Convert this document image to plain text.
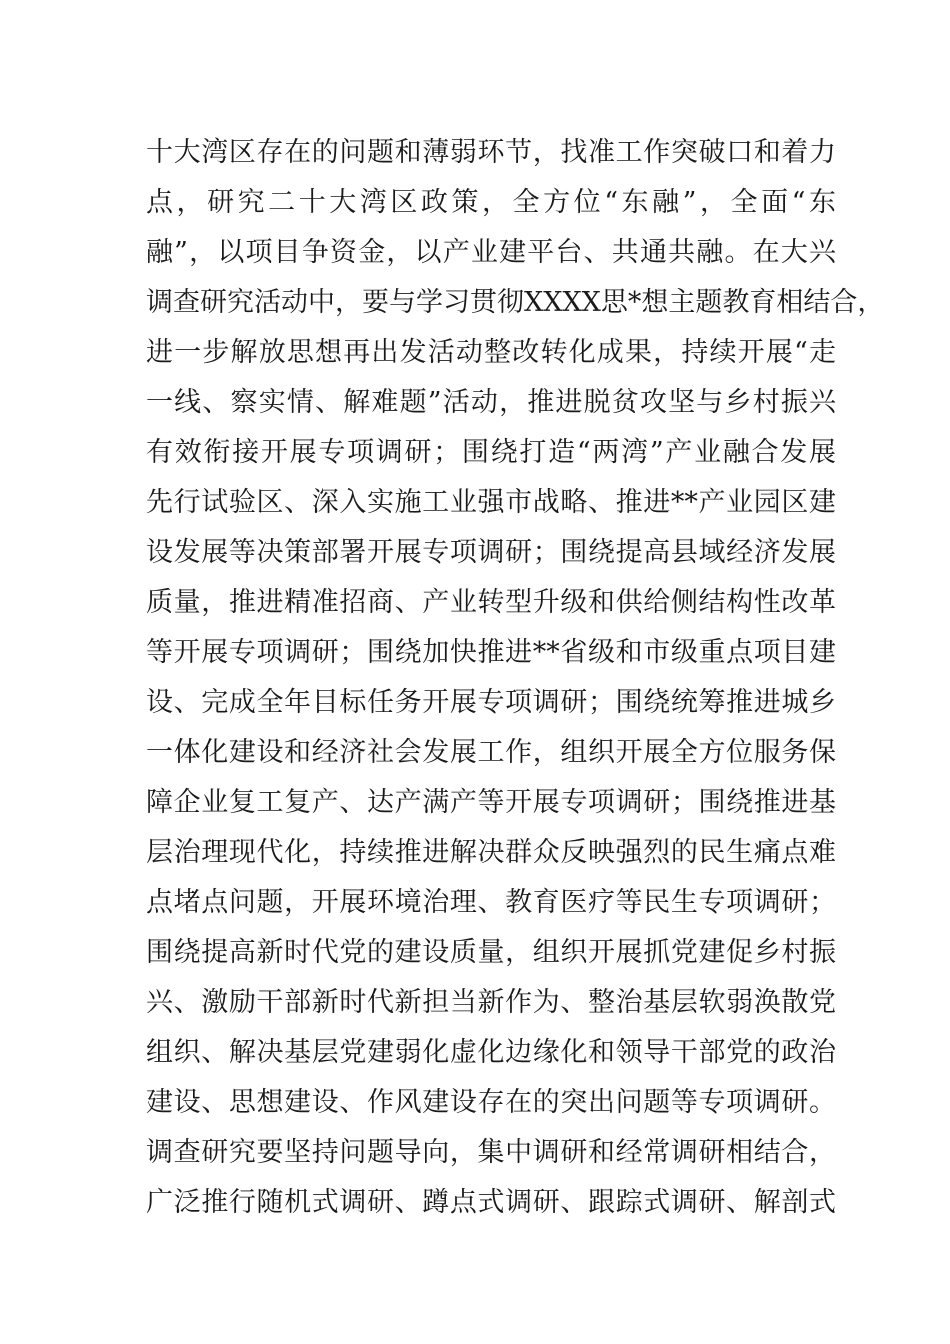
十大湾区存在的问题和薄弱环节，找准工作突破口和着力
点，研究二十大湾区政策，全方位“东融”，全面“东
融”，以项目争资金，以产业建平台、共通共融。在大兴
调查研究活动中，要与学习贯彻XXXX思*想主题教育相结合，
进一步解放思想再出发活动整改转化成果，持续开展“走
一线、察实情、解难题”活动，推进脱贫攻坚与乡村振兴
有效衔接开展专项调研；围绕打造“两湾”产业融合发展
先行试验区、深入实施工业强市战略、推进**产业园区建
设发展等决策部署开展专项调研；围绕提高县域经济发展
质量，推进精准招商、产业转型升级和供给侧结构性改革
等开展专项调研；围绕加快推进**省级和市级重点项目建
设、完成全年目标任务开展专项调研；围绕统筹推进城乡
一体化建设和经济社会发展工作，组织开展全方位服务保
障企业复工复产、达产满产等开展专项调研；围绕推进基
层治理现代化，持续推进解决群众反映强烈的民生痛点难
点堵点问题，开展环境治理、教育医疗等民生专项调研；
围绕提高新时代党的建设质量，组织开展抓党建促乡村振
兴、激励干部新时代新担当新作为、整治基层软弱涣散党
组织、解决基层党建弱化虚化边缘化和领导干部党的政治
建设、思想建设、作风建设存在的突出问题等专项调研。
调查研究要坚持问题导向，集中调研和经常调研相结合，
广泛推行随机式调研、蹲点式调研、跟踪式调研、解剖式
